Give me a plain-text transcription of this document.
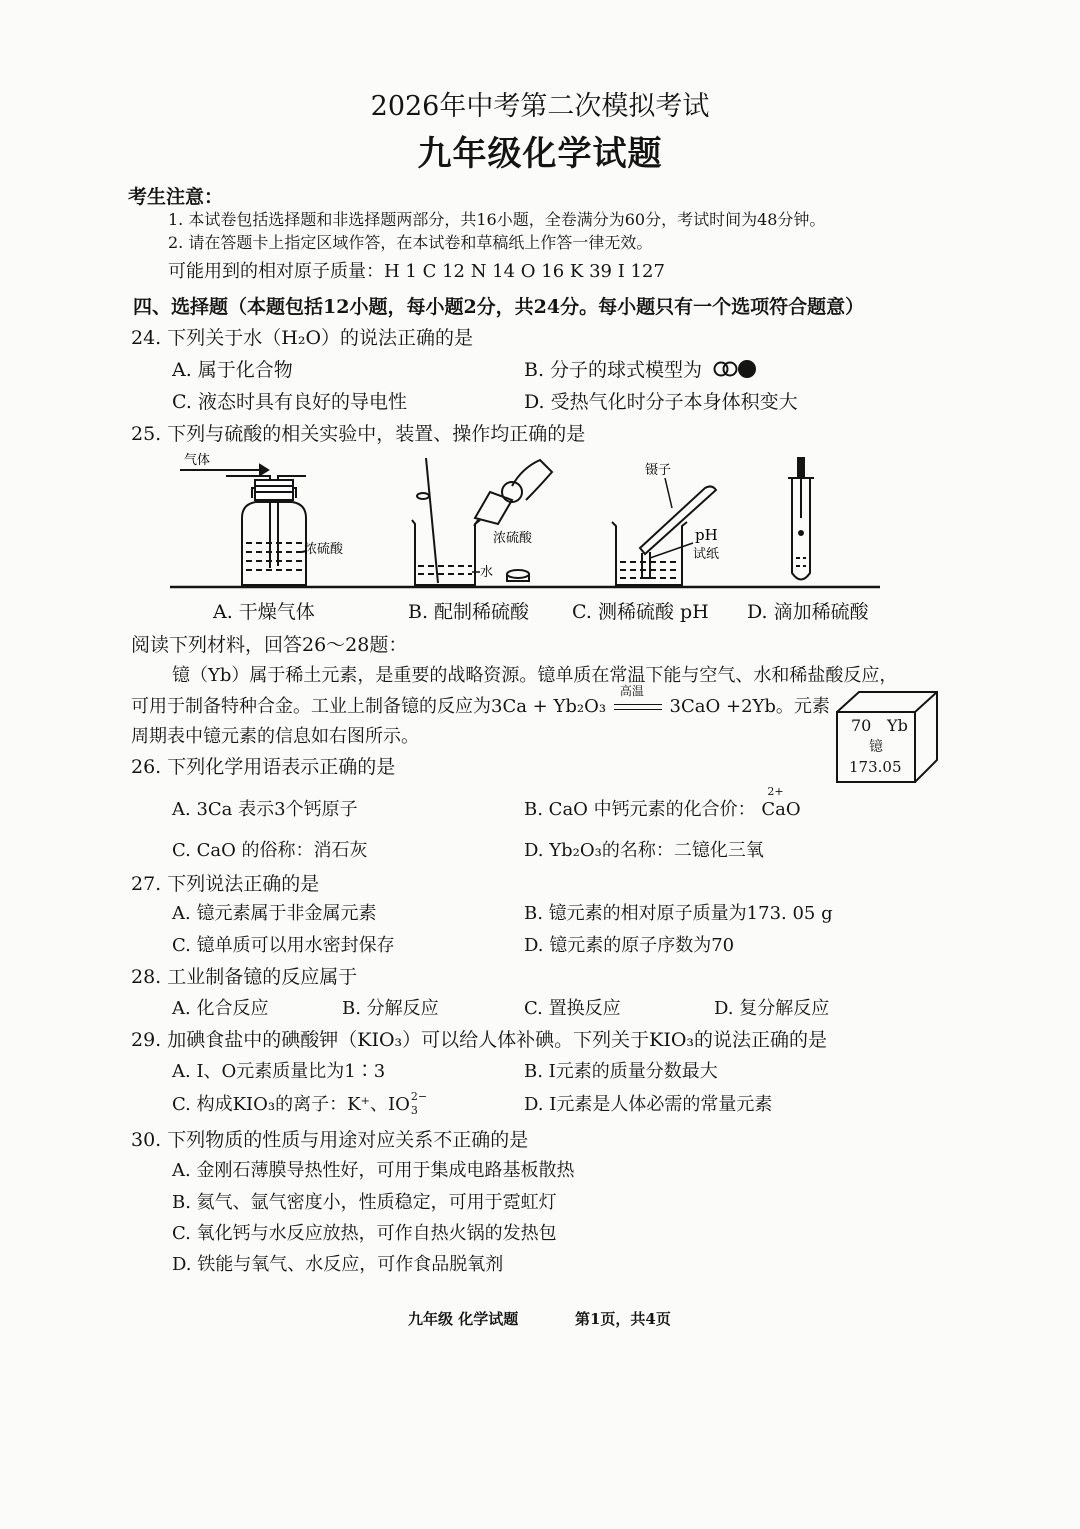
2026年中考第二次模拟考试
九年级化学试题
考生注意：
1. 本试卷包括选择题和非选择题两部分，共16小题，全卷满分为60分，考试时间为48分钟。
2. 请在答题卡上指定区域作答，在本试卷和草稿纸上作答一律无效。
可能用到的相对原子质量：H 1 C 12 N 14 O 16 K 39 I 127
四、选择题（本题包括12小题，每小题2分，共24分。每小题只有一个选项符合题意）
24. 下列关于水（H₂O）的说法正确的是
A. 属于化合物	B. 分子的球式模型为
C. 液态时具有良好的导电性	D. 受热气化时分子本身体积变大
25. 下列与硫酸的相关实验中，装置、操作均正确的是
气体
浓硫酸
浓硫酸
水
镊子
pH
试纸
A. 干燥气体	B. 配制稀硫酸 C. 测稀硫酸 pH D. 滴加稀硫酸
阅读下列材料，回答26～28题：
镱（Yb）属于稀土元素，是重要的战略资源。镱单质在常温下能与空气、水和稀盐酸反应，
可用于制备特种合金。工业上制备镱的反应为3Ca + Yb₂O₃
高温
3CaO +2Yb。元素
周期表中镱元素的信息如右图所示。
70 Yb
镱
173.05
26. 下列化学用语表示正确的是
A. 3Ca 表示3个钙原子	B. CaO 中钙元素的化合价：
2+
CaO
C. CaO 的俗称：消石灰	D. Yb₂O₃的名称：二镱化三氧
27. 下列说法正确的是
A. 镱元素属于非金属元素	B. 镱元素的相对原子质量为173. 05 g
C. 镱单质可以用水密封保存	D. 镱元素的原子序数为70
28. 工业制备镱的反应属于
A. 化合反应	B. 分解反应	C. 置换反应	D. 复分解反应
29. 加碘食盐中的碘酸钾（KIO₃）可以给人体补碘。下列关于KIO₃的说法正确的是
A. I、O元素质量比为1∶3	B. I元素的质量分数最大
C. 构成KIO₃的离子：K⁺、IO 2−
3	D. I元素是人体必需的常量元素
30. 下列物质的性质与用途对应关系不正确的是
A. 金刚石薄膜导热性好，可用于集成电路基板散热
B. 氦气、氩气密度小，性质稳定，可用于霓虹灯
C. 氧化钙与水反应放热，可作自热火锅的发热包
D. 铁能与氧气、水反应，可作食品脱氧剂
九年级 化学试题	第1页，共4页
